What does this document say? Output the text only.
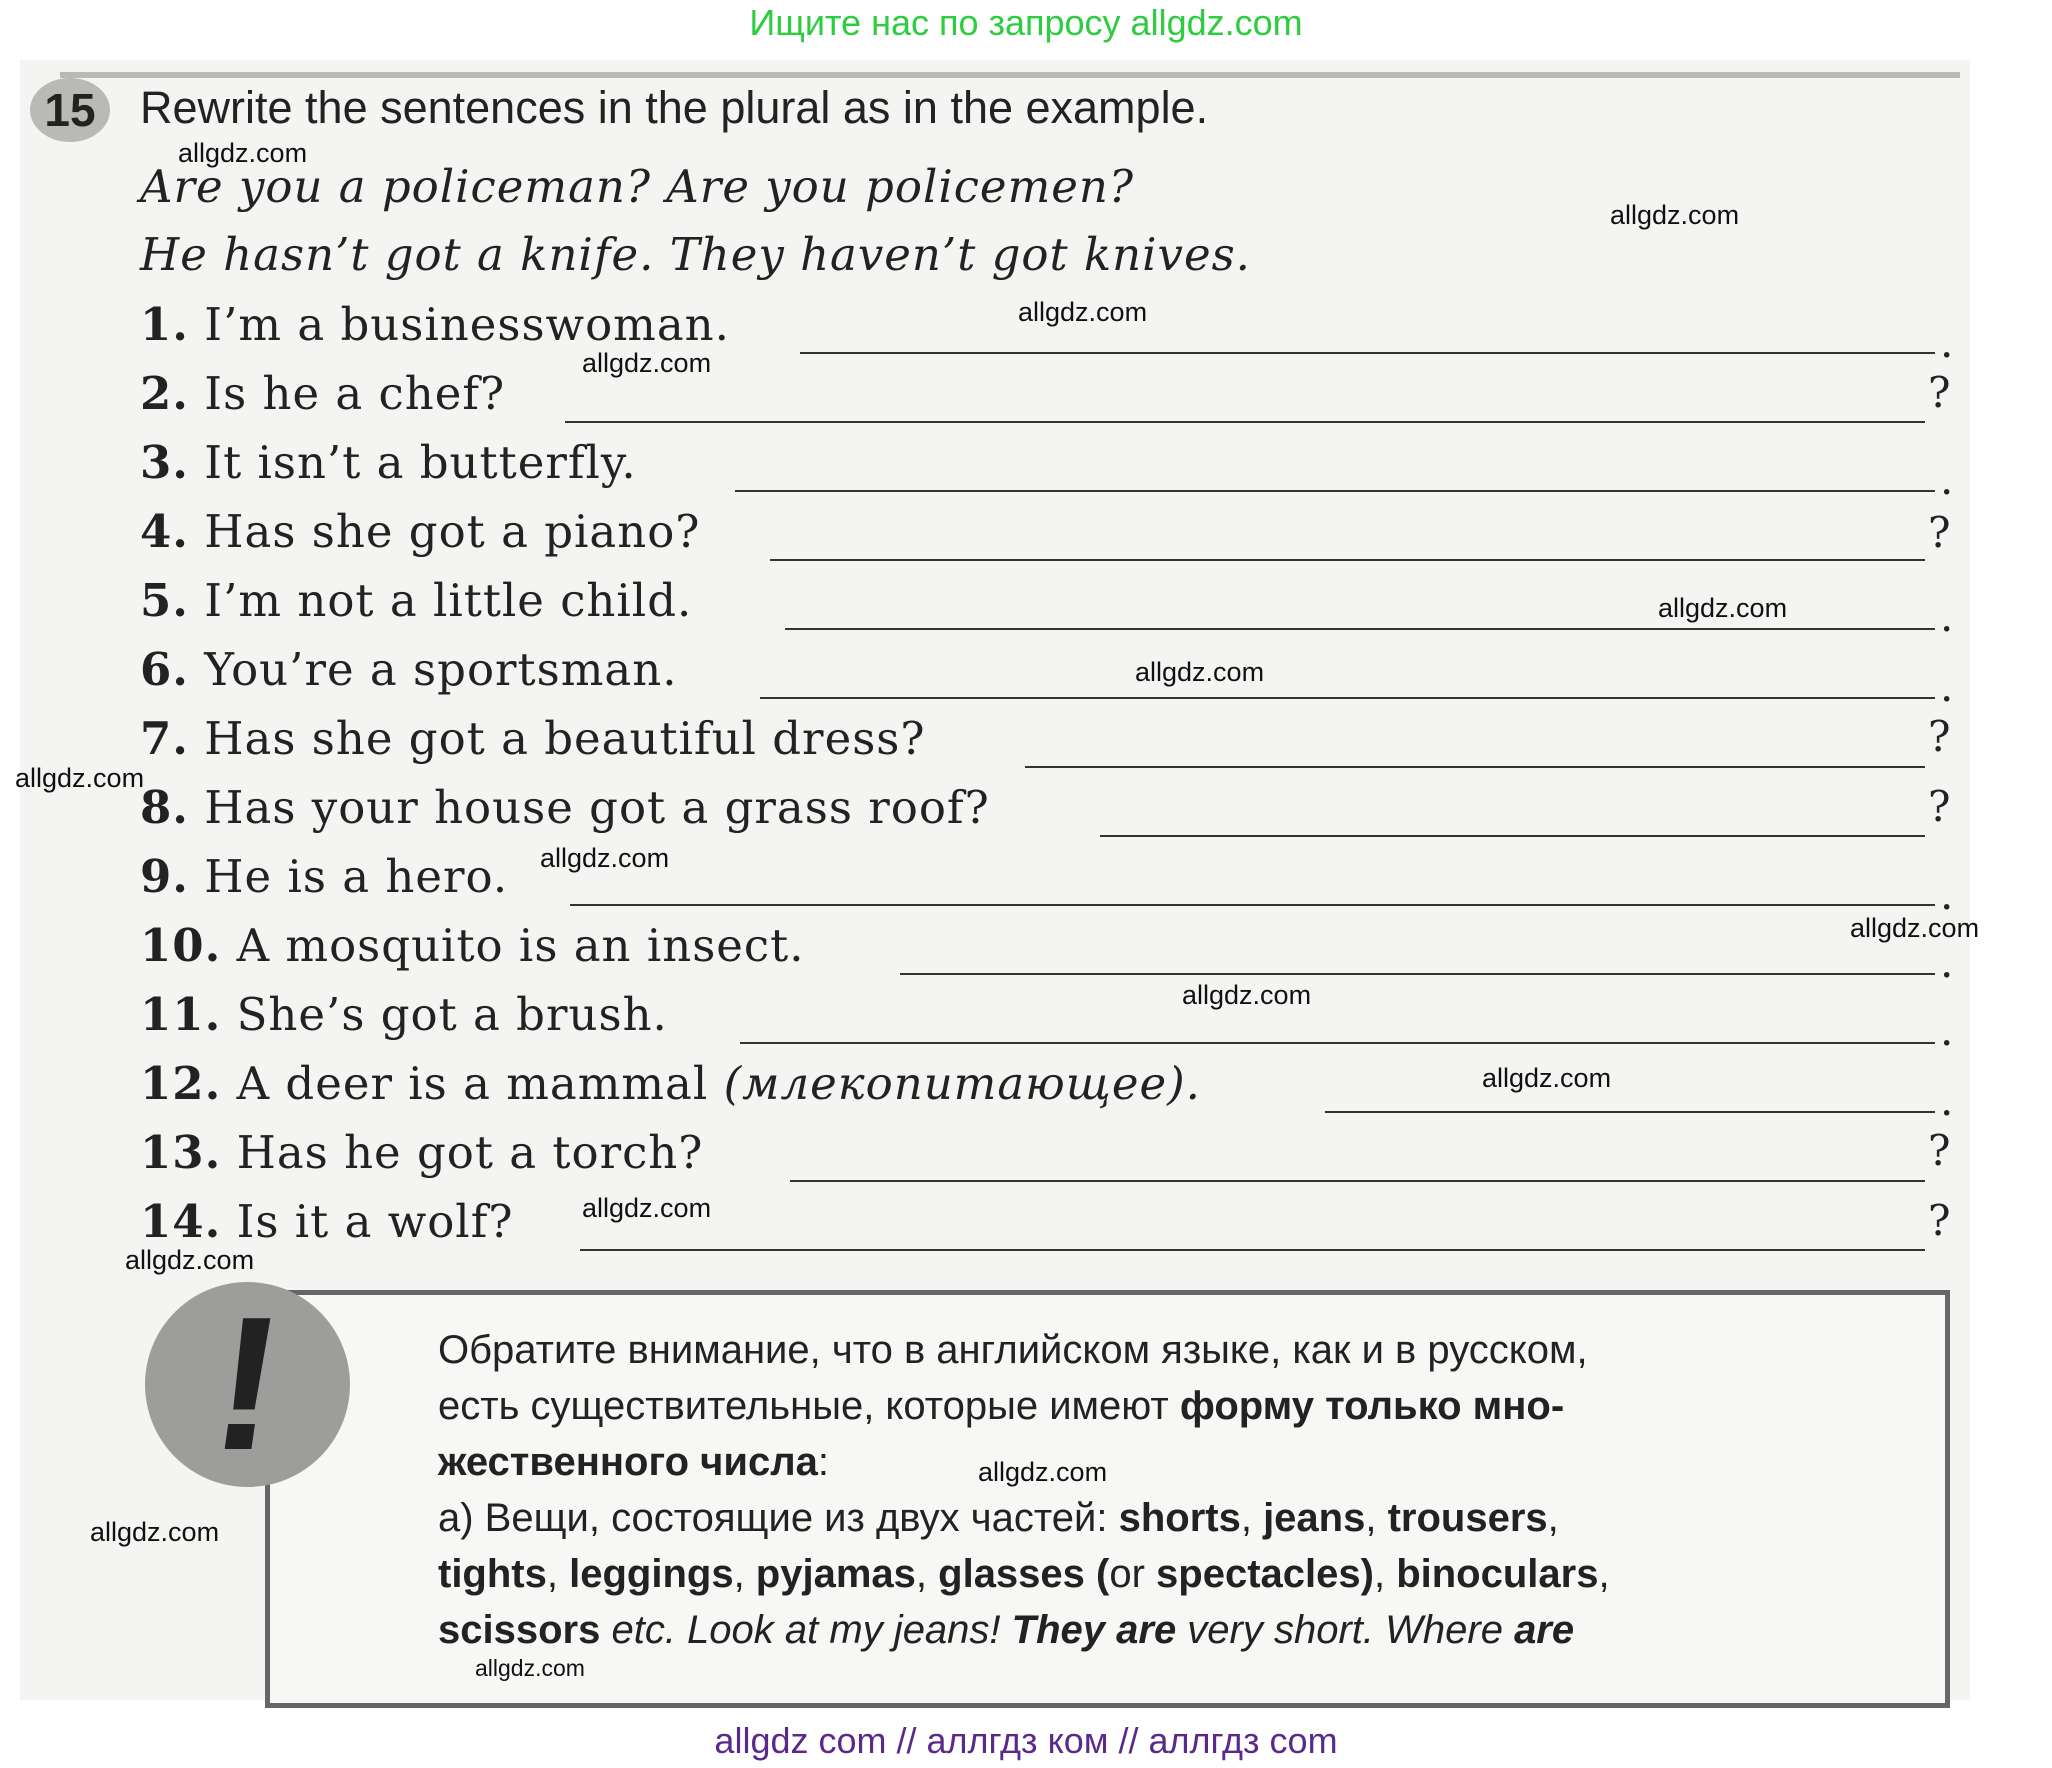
Ищите нас по запросу allgdz.com

15 Rewrite the sentences in the plural as in the example.
Are you a policeman? Are you policemen?
He hasn’t got a knife. They haven’t got knives.
1. I’m a businesswoman.	.
2. Is he a chef?	?
3. It isn’t a butterfly.	.
4. Has she got a piano?	?
5. I’m not a little child.	.
6. You’re a sportsman.	.
7. Has she got a beautiful dress?	?
8. Has your house got a grass roof?	?
9. He is a hero.	.
10. A mosquito is an insect.	.
11. She’s got a brush.	.
12. A deer is a mammal (млекопитающее).	.
13. Has he got a torch?	?
14. Is it a wolf?	?
!	Обратите внимание, что в английском языке, как и в русском,
есть существительные, которые имеют форму только мно-
жественного числа:
а) Вещи, состоящие из двух частей: shorts, jeans, trousers,
tights, leggings, pyjamas, glasses (or spectacles), binoculars,
scissors etc. Look at my jeans! They are very short. Where are
allgdz.com
allgdz.com
allgdz.com
allgdz.com
allgdz.com
allgdz.com
allgdz.com
allgdz.com
allgdz.com
allgdz.com
allgdz.com
allgdz.com
allgdz.com
allgdz.com
allgdz.com
allgdz.com
allgdz com // аллгдз ком // аллгдз com
